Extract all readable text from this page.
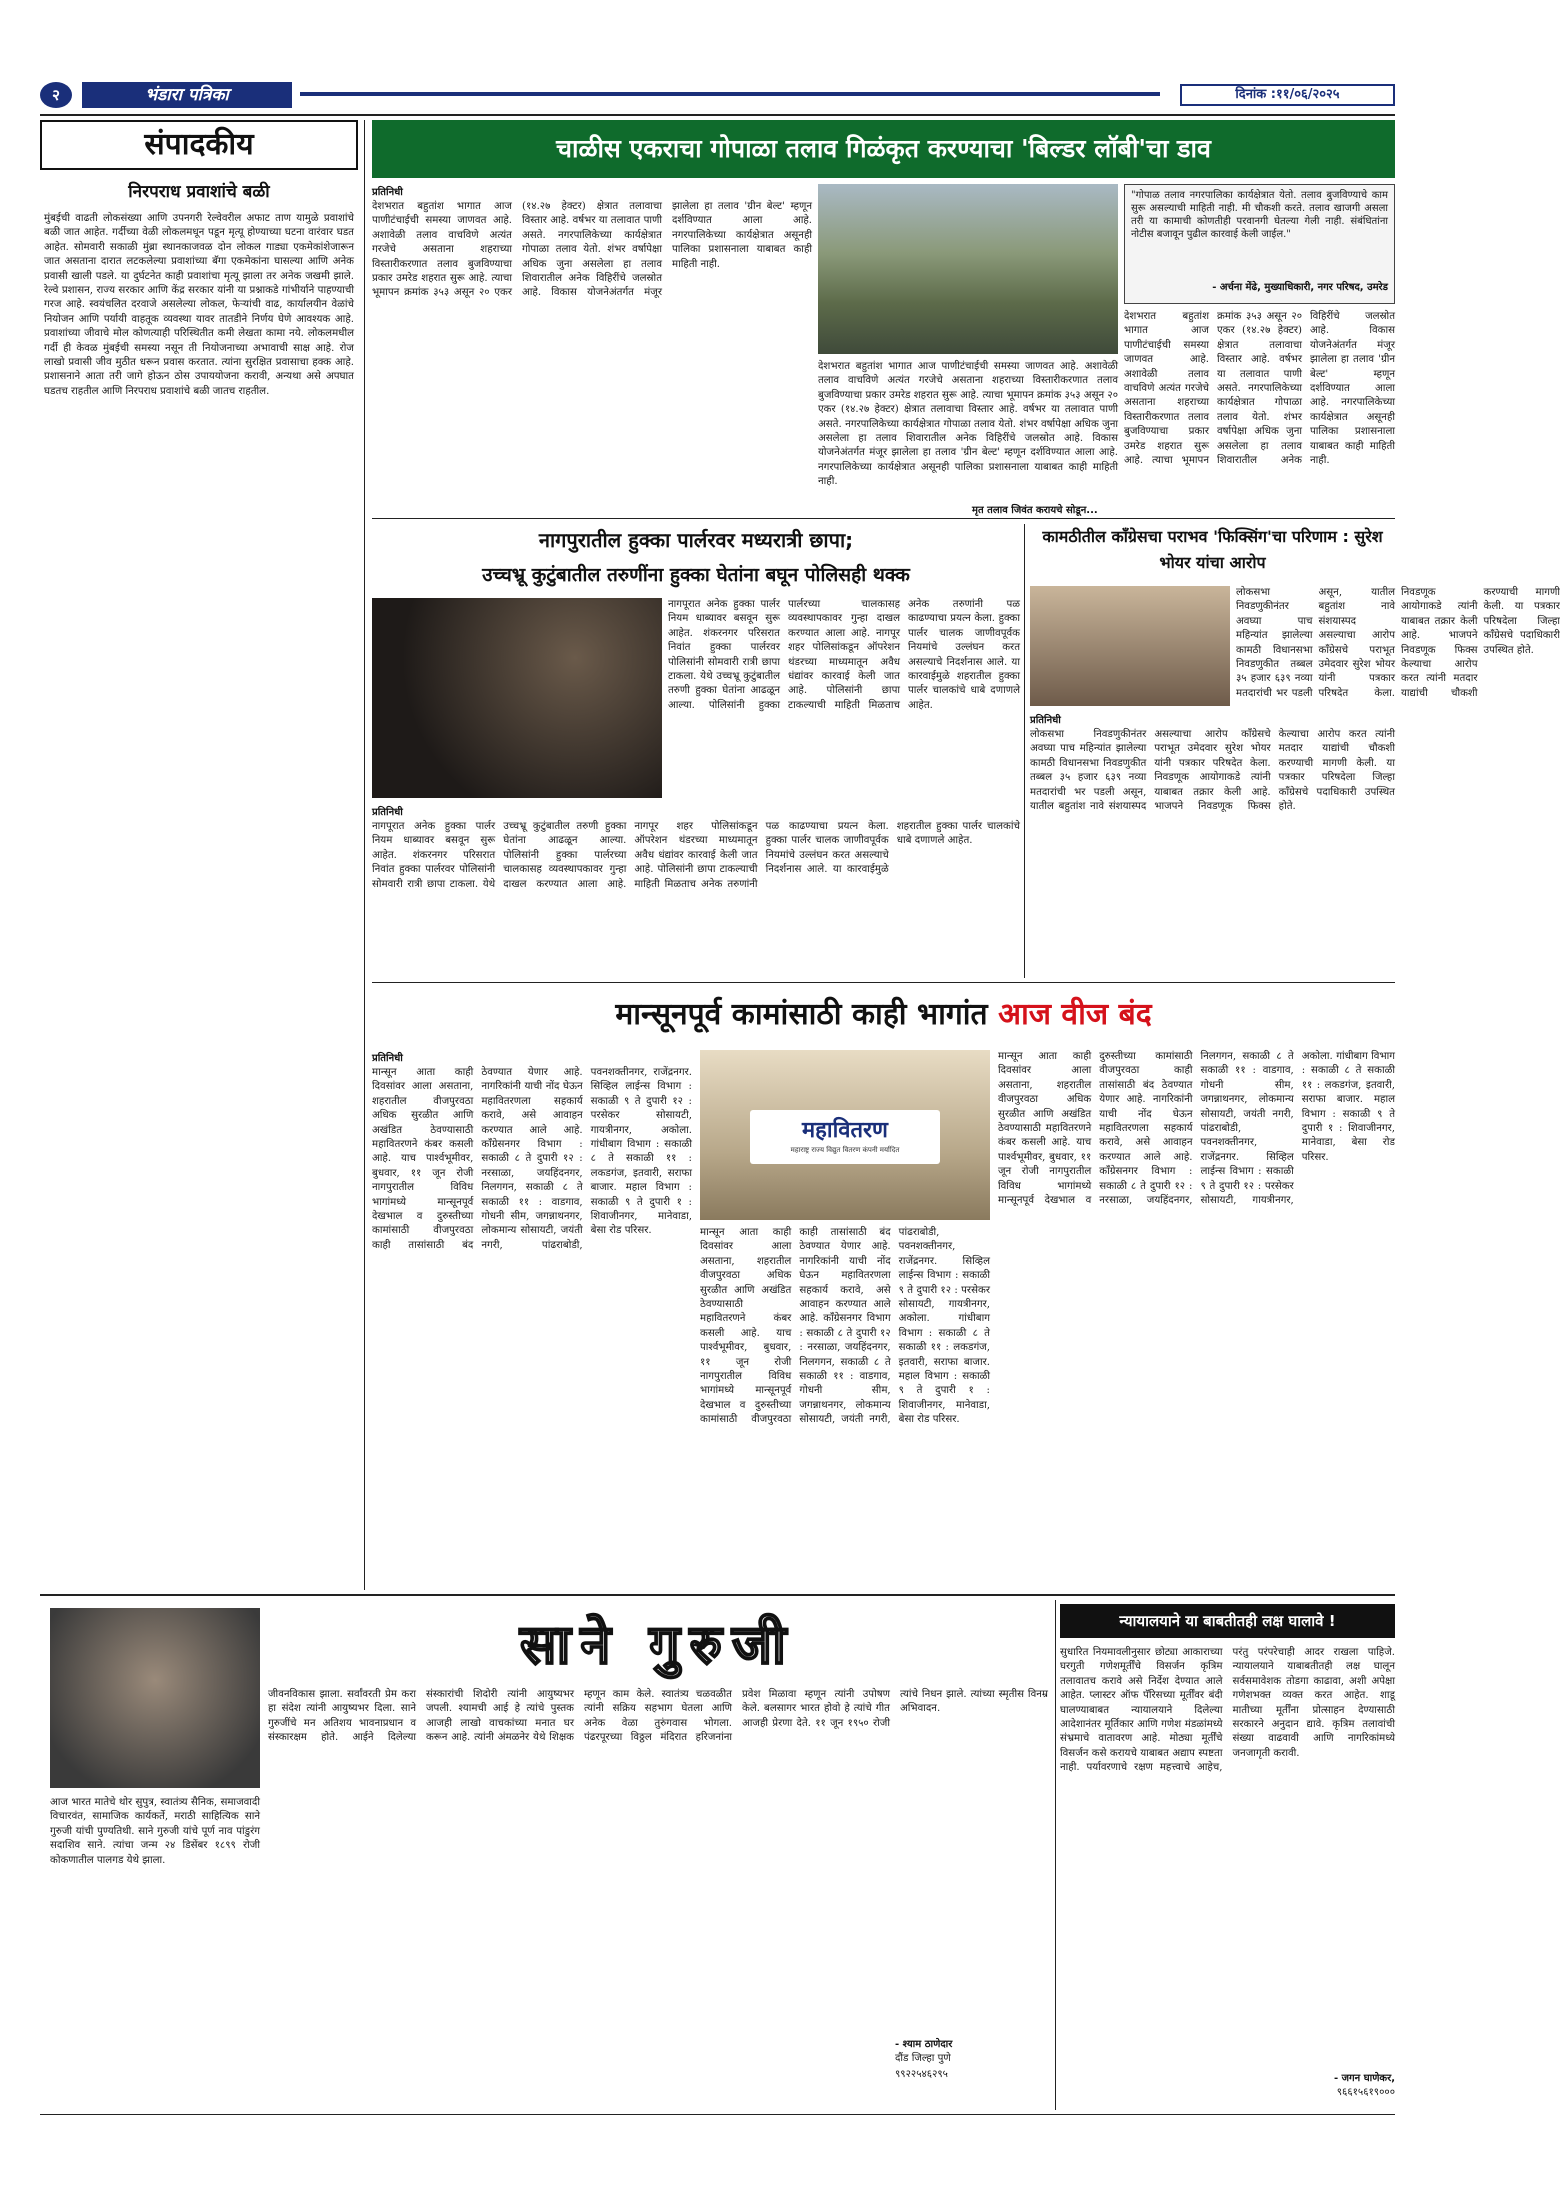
२	भंडारा पत्रिका	दिनांक :११/०६/२०२५
संपादकीय
निरपराध प्रवाशांचे बळी
मुंबईची वाढती लोकसंख्या आणि उपनगरी रेल्वेवरील अफाट ताण यामुळे प्रवाशांचे बळी जात आहेत. गर्दीच्या वेळी लोकलमधून पडून मृत्यू होण्याच्या घटना वारंवार घडत आहेत. सोमवारी सकाळी मुंब्रा स्थानकाजवळ दोन लोकल गाड्या एकमेकांशेजारून जात असताना दारात लटकलेल्या प्रवाशांच्या बॅगा एकमेकांना घासल्या आणि अनेक प्रवासी खाली पडले. या दुर्घटनेत काही प्रवाशांचा मृत्यू झाला तर अनेक जखमी झाले. रेल्वे प्रशासन, राज्य सरकार आणि केंद्र सरकार यांनी या प्रश्नाकडे गांभीर्याने पाहण्याची गरज आहे. स्वयंचलित दरवाजे असलेल्या लोकल, फेऱ्यांची वाढ, कार्यालयीन वेळांचे नियोजन आणि पर्यायी वाहतूक व्यवस्था यावर तातडीने निर्णय घेणे आवश्यक आहे. प्रवाशांच्या जीवाचे मोल कोणत्याही परिस्थितीत कमी लेखता कामा नये. लोकलमधील गर्दी ही केवळ मुंबईची समस्या नसून ती नियोजनाच्या अभावाची साक्ष आहे. रोज लाखो प्रवासी जीव मुठीत धरून प्रवास करतात. त्यांना सुरक्षित प्रवासाचा हक्क आहे. प्रशासनाने आता तरी जागे होऊन ठोस उपाययोजना करावी, अन्यथा असे अपघात घडतच राहतील आणि निरपराध प्रवाशांचे बळी जातच राहतील.
चाळीस एकराचा गोपाळा तलाव गिळंकृत करण्याचा 'बिल्डर लॉबी'चा डाव
प्रतिनिधी
देशभरात बहुतांश भागात आज पाणीटंचाईची समस्या जाणवत आहे. अशावेळी तलाव वाचविणे अत्यंत गरजेचे असताना शहराच्या विस्तारीकरणात तलाव बुजविण्याचा प्रकार उमरेड शहरात सुरू आहे. त्याचा भूमापन क्रमांक ३५३ असून २० एकर (१४.२७ हेक्टर) क्षेत्रात तलावाचा विस्तार आहे. वर्षभर या तलावात पाणी असते. नगरपालिकेच्या कार्यक्षेत्रात गोपाळा तलाव येतो. शंभर वर्षापेक्षा अधिक जुना असलेला हा तलाव शिवारातील अनेक विहिरींचे जलस्रोत आहे. विकास योजनेअंतर्गत मंजूर झालेला हा तलाव 'ग्रीन बेल्ट' म्हणून दर्शविण्यात आला आहे. नगरपालिकेच्या कार्यक्षेत्रात असूनही पालिका प्रशासनाला याबाबत काही माहिती नाही.

देशभरात बहुतांश भागात आज पाणीटंचाईची समस्या जाणवत आहे. अशावेळी तलाव वाचविणे अत्यंत गरजेचे असताना शहराच्या विस्तारीकरणात तलाव बुजविण्याचा प्रकार उमरेड शहरात सुरू आहे. त्याचा भूमापन क्रमांक ३५३ असून २० एकर (१४.२७ हेक्टर) क्षेत्रात तलावाचा विस्तार आहे. वर्षभर या तलावात पाणी असते. नगरपालिकेच्या कार्यक्षेत्रात गोपाळा तलाव येतो. शंभर वर्षापेक्षा अधिक जुना असलेला हा तलाव शिवारातील अनेक विहिरींचे जलस्रोत आहे. विकास योजनेअंतर्गत मंजूर झालेला हा तलाव 'ग्रीन बेल्ट' म्हणून दर्शविण्यात आला आहे. नगरपालिकेच्या कार्यक्षेत्रात असूनही पालिका प्रशासनाला याबाबत काही माहिती नाही.

मृत तलाव जिवंत करायचे सोडून...
"गोपाळ तलाव नगरपालिका कार्यक्षेत्रात येतो. तलाव बुजविण्याचे काम सुरू असल्याची माहिती नाही. मी चौकशी करते. तलाव खाजगी असला तरी या कामाची कोणतीही परवानगी घेतल्या गेली नाही. संबंधितांना नोटीस बजावून पुढील कारवाई केली जाईल."
- अर्चना मेंढे, मुख्याधिकारी, नगर परिषद, उमरेड
देशभरात बहुतांश भागात आज पाणीटंचाईची समस्या जाणवत आहे. अशावेळी तलाव वाचविणे अत्यंत गरजेचे असताना शहराच्या विस्तारीकरणात तलाव बुजविण्याचा प्रकार उमरेड शहरात सुरू आहे. त्याचा भूमापन क्रमांक ३५३ असून २० एकर (१४.२७ हेक्टर) क्षेत्रात तलावाचा विस्तार आहे. वर्षभर या तलावात पाणी असते. नगरपालिकेच्या कार्यक्षेत्रात गोपाळा तलाव येतो. शंभर वर्षापेक्षा अधिक जुना असलेला हा तलाव शिवारातील अनेक विहिरींचे जलस्रोत आहे. विकास योजनेअंतर्गत मंजूर झालेला हा तलाव 'ग्रीन बेल्ट' म्हणून दर्शविण्यात आला आहे. नगरपालिकेच्या कार्यक्षेत्रात असूनही पालिका प्रशासनाला याबाबत काही माहिती नाही.
नागपुरातील हुक्का पार्लरवर मध्यरात्री छापा;
उच्चभ्रू कुटुंबातील तरुणींना हुक्का घेतांना बघून पोलिसही थक्क
नागपूरात अनेक हुक्का पार्लर नियम धाब्यावर बसवून सुरू आहेत. शंकरनगर परिसरात निवांत हुक्का पार्लरवर पोलिसांनी सोमवारी रात्री छापा टाकला. येथे उच्चभ्रू कुटुंबातील तरुणी हुक्का घेतांना आढळून आल्या. पोलिसांनी हुक्का पार्लरच्या चालकासह व्यवस्थापकावर गुन्हा दाखल करण्यात आला आहे. नागपूर शहर पोलिसांकडून ऑपरेशन थंडरच्या माध्यमातून अवैध धंद्यांवर कारवाई केली जात आहे. पोलिसांनी छापा टाकल्याची माहिती मिळताच अनेक तरुणांनी पळ काढण्याचा प्रयत्न केला. हुक्का पार्लर चालक जाणीवपूर्वक नियमांचे उल्लंघन करत असल्याचे निदर्शनास आले. या कारवाईमुळे शहरातील हुक्का पार्लर चालकांचे धाबे दणाणले आहेत.
प्रतिनिधी
नागपूरात अनेक हुक्का पार्लर नियम धाब्यावर बसवून सुरू आहेत. शंकरनगर परिसरात निवांत हुक्का पार्लरवर पोलिसांनी सोमवारी रात्री छापा टाकला. येथे उच्चभ्रू कुटुंबातील तरुणी हुक्का घेतांना आढळून आल्या. पोलिसांनी हुक्का पार्लरच्या चालकासह व्यवस्थापकावर गुन्हा दाखल करण्यात आला आहे. नागपूर शहर पोलिसांकडून ऑपरेशन थंडरच्या माध्यमातून अवैध धंद्यांवर कारवाई केली जात आहे. पोलिसांनी छापा टाकल्याची माहिती मिळताच अनेक तरुणांनी पळ काढण्याचा प्रयत्न केला. हुक्का पार्लर चालक जाणीवपूर्वक नियमांचे उल्लंघन करत असल्याचे निदर्शनास आले. या कारवाईमुळे शहरातील हुक्का पार्लर चालकांचे धाबे दणाणले आहेत.
कामठीतील काँग्रेसचा पराभव 'फिक्सिंग'चा परिणाम : सुरेश भोयर यांचा आरोप
लोकसभा निवडणुकीनंतर अवघ्या पाच महिन्यांत झालेल्या कामठी विधानसभा निवडणुकीत तब्बल ३५ हजार ६३९ नव्या मतदारांची भर पडली असून, यातील बहुतांश नावे संशयास्पद असल्याचा आरोप काँग्रेसचे पराभूत उमेदवार सुरेश भोयर यांनी पत्रकार परिषदेत केला. निवडणूक आयोगाकडे त्यांनी याबाबत तक्रार केली आहे. भाजपने निवडणूक फिक्स केल्याचा आरोप करत त्यांनी मतदार याद्यांची चौकशी करण्याची मागणी केली. या पत्रकार परिषदेला जिल्हा काँग्रेसचे पदाधिकारी उपस्थित होते.
प्रतिनिधी
लोकसभा निवडणुकीनंतर अवघ्या पाच महिन्यांत झालेल्या कामठी विधानसभा निवडणुकीत तब्बल ३५ हजार ६३९ नव्या मतदारांची भर पडली असून, यातील बहुतांश नावे संशयास्पद असल्याचा आरोप काँग्रेसचे पराभूत उमेदवार सुरेश भोयर यांनी पत्रकार परिषदेत केला. निवडणूक आयोगाकडे त्यांनी याबाबत तक्रार केली आहे. भाजपने निवडणूक फिक्स केल्याचा आरोप करत त्यांनी मतदार याद्यांची चौकशी करण्याची मागणी केली. या पत्रकार परिषदेला जिल्हा काँग्रेसचे पदाधिकारी उपस्थित होते.
मान्सूनपूर्व कामांसाठी काही भागांत आज वीज बंद
प्रतिनिधी
मान्सून आता काही दिवसांवर आला असताना, शहरातील वीजपुरवठा अधिक सुरळीत आणि अखंडित ठेवण्यासाठी महावितरणने कंबर कसली आहे. याच पार्श्वभूमीवर, बुधवार, ११ जून रोजी नागपुरातील विविध भागांमध्ये मान्सूनपूर्व देखभाल व दुरुस्तीच्या कामांसाठी वीजपुरवठा काही तासांसाठी बंद ठेवण्यात येणार आहे. नागरिकांनी याची नोंद घेऊन महावितरणला सहकार्य करावे, असे आवाहन करण्यात आले आहे. काँग्रेसनगर विभाग : सकाळी ८ ते दुपारी १२ : नरसाळा, जयहिंदनगर, निलगगन, सकाळी ८ ते सकाळी ११ : वाडगाव, गोधनी सीम, जगन्नाथनगर, लोकमान्य सोसायटी, जयंती नगरी, पांढराबोडी, पवनशक्तीनगर, राजेंद्रनगर. सिव्हिल लाईन्स विभाग : सकाळी ९ ते दुपारी १२ : परसेकर सोसायटी, गायत्रीनगर, अकोला. गांधीबाग विभाग : सकाळी ८ ते सकाळी ११ : लकडगंज, इतवारी, सराफा बाजार. महाल विभाग : सकाळी ९ ते दुपारी १ : शिवाजीनगर, मानेवाडा, बेसा रोड परिसर.
महावितरण
महाराष्ट्र राज्य विद्युत वितरण कंपनी मर्यादित
मान्सून आता काही दिवसांवर आला असताना, शहरातील वीजपुरवठा अधिक सुरळीत आणि अखंडित ठेवण्यासाठी महावितरणने कंबर कसली आहे. याच पार्श्वभूमीवर, बुधवार, ११ जून रोजी नागपुरातील विविध भागांमध्ये मान्सूनपूर्व देखभाल व दुरुस्तीच्या कामांसाठी वीजपुरवठा काही तासांसाठी बंद ठेवण्यात येणार आहे. नागरिकांनी याची नोंद घेऊन महावितरणला सहकार्य करावे, असे आवाहन करण्यात आले आहे. काँग्रेसनगर विभाग : सकाळी ८ ते दुपारी १२ : नरसाळा, जयहिंदनगर, निलगगन, सकाळी ८ ते सकाळी ११ : वाडगाव, गोधनी सीम, जगन्नाथनगर, लोकमान्य सोसायटी, जयंती नगरी, पांढराबोडी, पवनशक्तीनगर, राजेंद्रनगर. सिव्हिल लाईन्स विभाग : सकाळी ९ ते दुपारी १२ : परसेकर सोसायटी, गायत्रीनगर, अकोला. गांधीबाग विभाग : सकाळी ८ ते सकाळी ११ : लकडगंज, इतवारी, सराफा बाजार. महाल विभाग : सकाळी ९ ते दुपारी १ : शिवाजीनगर, मानेवाडा, बेसा रोड परिसर.
मान्सून आता काही दिवसांवर आला असताना, शहरातील वीजपुरवठा अधिक सुरळीत आणि अखंडित ठेवण्यासाठी महावितरणने कंबर कसली आहे. याच पार्श्वभूमीवर, बुधवार, ११ जून रोजी नागपुरातील विविध भागांमध्ये मान्सूनपूर्व देखभाल व दुरुस्तीच्या कामांसाठी वीजपुरवठा काही तासांसाठी बंद ठेवण्यात येणार आहे. नागरिकांनी याची नोंद घेऊन महावितरणला सहकार्य करावे, असे आवाहन करण्यात आले आहे. काँग्रेसनगर विभाग : सकाळी ८ ते दुपारी १२ : नरसाळा, जयहिंदनगर, निलगगन, सकाळी ८ ते सकाळी ११ : वाडगाव, गोधनी सीम, जगन्नाथनगर, लोकमान्य सोसायटी, जयंती नगरी, पांढराबोडी, पवनशक्तीनगर, राजेंद्रनगर. सिव्हिल लाईन्स विभाग : सकाळी ९ ते दुपारी १२ : परसेकर सोसायटी, गायत्रीनगर, अकोला. गांधीबाग विभाग : सकाळी ८ ते सकाळी ११ : लकडगंज, इतवारी, सराफा बाजार. महाल विभाग : सकाळी ९ ते दुपारी १ : शिवाजीनगर, मानेवाडा, बेसा रोड परिसर.
साने गुरुजी
आज भारत मातेचे थोर सुपुत्र, स्वातंत्र्य सैनिक, समाजवादी विचारवंत, सामाजिक कार्यकर्ते, मराठी साहित्यिक साने गुरुजी यांची पुण्यतिथी. साने गुरुजी यांचे पूर्ण नाव पांडुरंग सदाशिव साने. त्यांचा जन्म २४ डिसेंबर १८९९ रोजी कोकणातील पालगड येथे झाला.
जीवनविकास झाला. सर्वांवरती प्रेम करा हा संदेश त्यांनी आयुष्यभर दिला. साने गुरुजींचे मन अतिशय भावनाप्रधान व संस्कारक्षम होते. आईने दिलेल्या संस्कारांची शिदोरी त्यांनी आयुष्यभर जपली. श्यामची आई हे त्यांचे पुस्तक आजही लाखो वाचकांच्या मनात घर करून आहे. त्यांनी अंमळनेर येथे शिक्षक म्हणून काम केले. स्वातंत्र्य चळवळीत त्यांनी सक्रिय सहभाग घेतला आणि अनेक वेळा तुरुंगवास भोगला. पंढरपूरच्या विठ्ठल मंदिरात हरिजनांना प्रवेश मिळावा म्हणून त्यांनी उपोषण केले. बलसागर भारत होवो हे त्यांचे गीत आजही प्रेरणा देते. ११ जून १९५० रोजी त्यांचे निधन झाले. त्यांच्या स्मृतीस विनम्र अभिवादन.
- श्याम ठाणेदार
दौंड जिल्हा पुणे
९९२२५४६२९५
न्यायालयाने या बाबतीतही लक्ष घालावे !
सुधारित नियमावलीनुसार छोट्या आकाराच्या घरगुती गणेशमूर्तींचे विसर्जन कृत्रिम तलावातच करावे असे निर्देश देण्यात आले आहेत. प्लास्टर ऑफ पॅरिसच्या मूर्तींवर बंदी घालण्याबाबत न्यायालयाने दिलेल्या आदेशानंतर मूर्तिकार आणि गणेश मंडळांमध्ये संभ्रमाचे वातावरण आहे. मोठ्या मूर्तींचे विसर्जन कसे करायचे याबाबत अद्याप स्पष्टता नाही. पर्यावरणाचे रक्षण महत्त्वाचे आहेच, परंतु परंपरेचाही आदर राखला पाहिजे. न्यायालयाने याबाबतीतही लक्ष घालून सर्वसमावेशक तोडगा काढावा, अशी अपेक्षा गणेशभक्त व्यक्त करत आहेत. शाडू मातीच्या मूर्तींना प्रोत्साहन देण्यासाठी सरकारने अनुदान द्यावे. कृत्रिम तलावांची संख्या वाढवावी आणि नागरिकांमध्ये जनजागृती करावी.
- जगन घाणेकर,
९६६१५६१९०००
